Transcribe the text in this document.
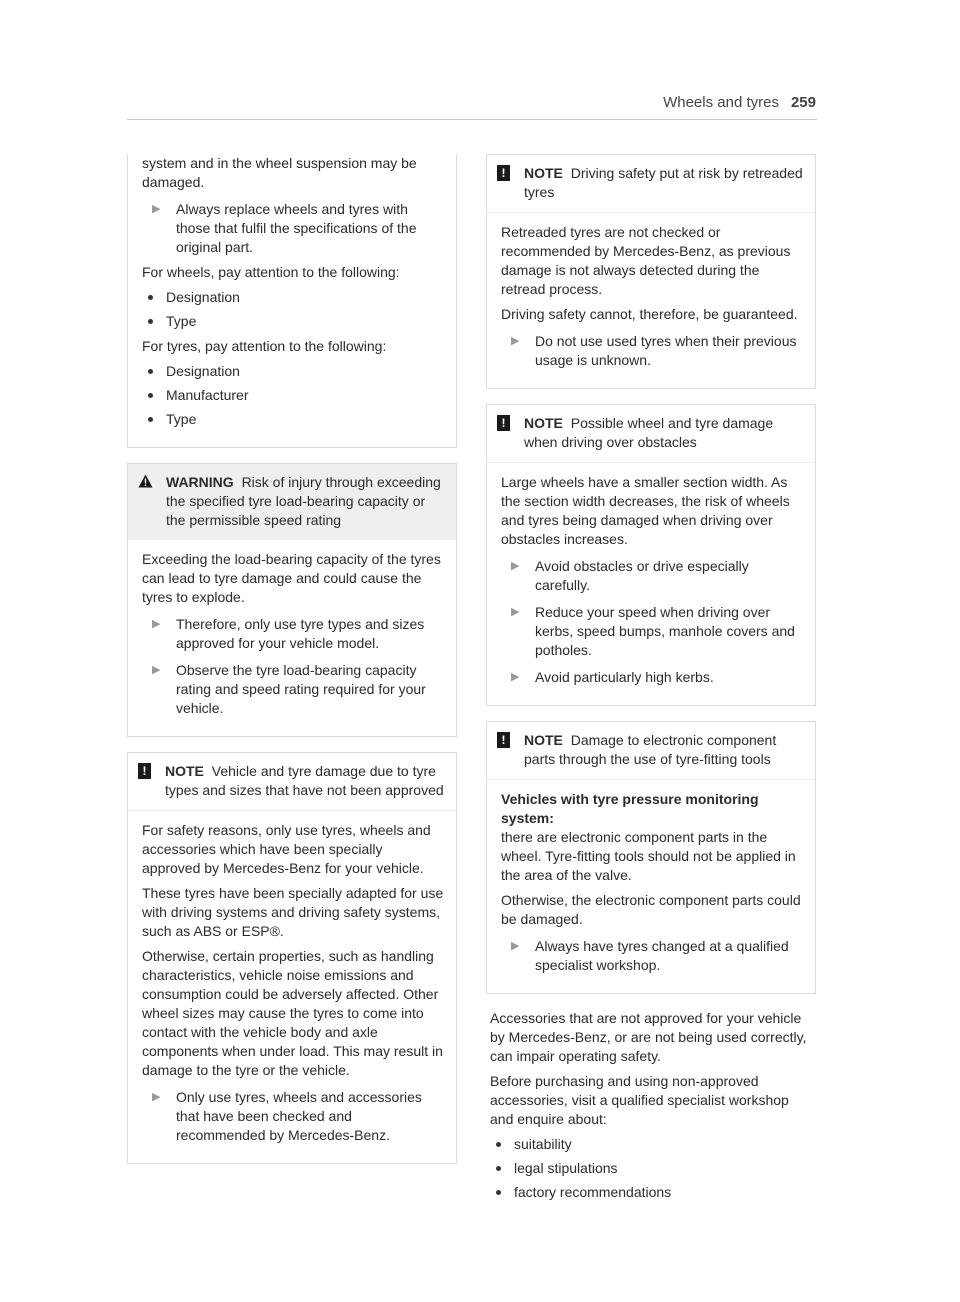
Wheels and tyres 259

system and in the wheel suspension may be damaged.

▶	Always replace wheels and tyres with those that fulfil the specifications of the original part.

For wheels, pay attention to the following:

Designation
Type

For tyres, pay attention to the following:

Designation
Manufacturer
Type
WARNING Risk of injury through exceeding the specified tyre load-bearing capacity or the permissible speed rating

Exceeding the load-bearing capacity of the tyres can lead to tyre damage and could cause the tyres to explode.

▶	Therefore, only use tyre types and sizes approved for your vehicle model.
▶	Observe the tyre load-bearing capacity rating and speed rating required for your vehicle.
!	NOTE Vehicle and tyre damage due to tyre types and sizes that have not been approved

For safety reasons, only use tyres, wheels and accessories which have been specially approved by Mercedes-Benz for your vehicle.

These tyres have been specially adapted for use with driving systems and driving safety systems, such as ABS or ESP®.

Otherwise, certain properties, such as handling characteristics, vehicle noise emissions and consumption could be adversely affected. Other wheel sizes may cause the tyres to come into contact with the vehicle body and axle components when under load. This may result in damage to the tyre or the vehicle.

▶	Only use tyres, wheels and accessories that have been checked and recommended by Mercedes-Benz.
!	NOTE Driving safety put at risk by retreaded tyres

Retreaded tyres are not checked or recommended by Mercedes-Benz, as previous damage is not always detected during the retread process.

Driving safety cannot, therefore, be guaranteed.

▶	Do not use used tyres when their previous usage is unknown.
!	NOTE Possible wheel and tyre damage when driving over obstacles

Large wheels have a smaller section width. As the section width decreases, the risk of wheels and tyres being damaged when driving over obstacles increases.

▶	Avoid obstacles or drive especially carefully.
▶	Reduce your speed when driving over kerbs, speed bumps, manhole covers and potholes.
▶	Avoid particularly high kerbs.
!	NOTE Damage to electronic component parts through the use of tyre-fitting tools
Vehicles with tyre pressure monitoring system:

there are electronic component parts in the wheel. Tyre-fitting tools should not be applied in the area of the valve.

Otherwise, the electronic component parts could be damaged.

▶	Always have tyres changed at a qualified specialist workshop.

Accessories that are not approved for your vehicle by Mercedes-Benz, or are not being used correctly, can impair operating safety.

Before purchasing and using non-approved accessories, visit a qualified specialist workshop and enquire about:

suitability
legal stipulations
factory recommendations
